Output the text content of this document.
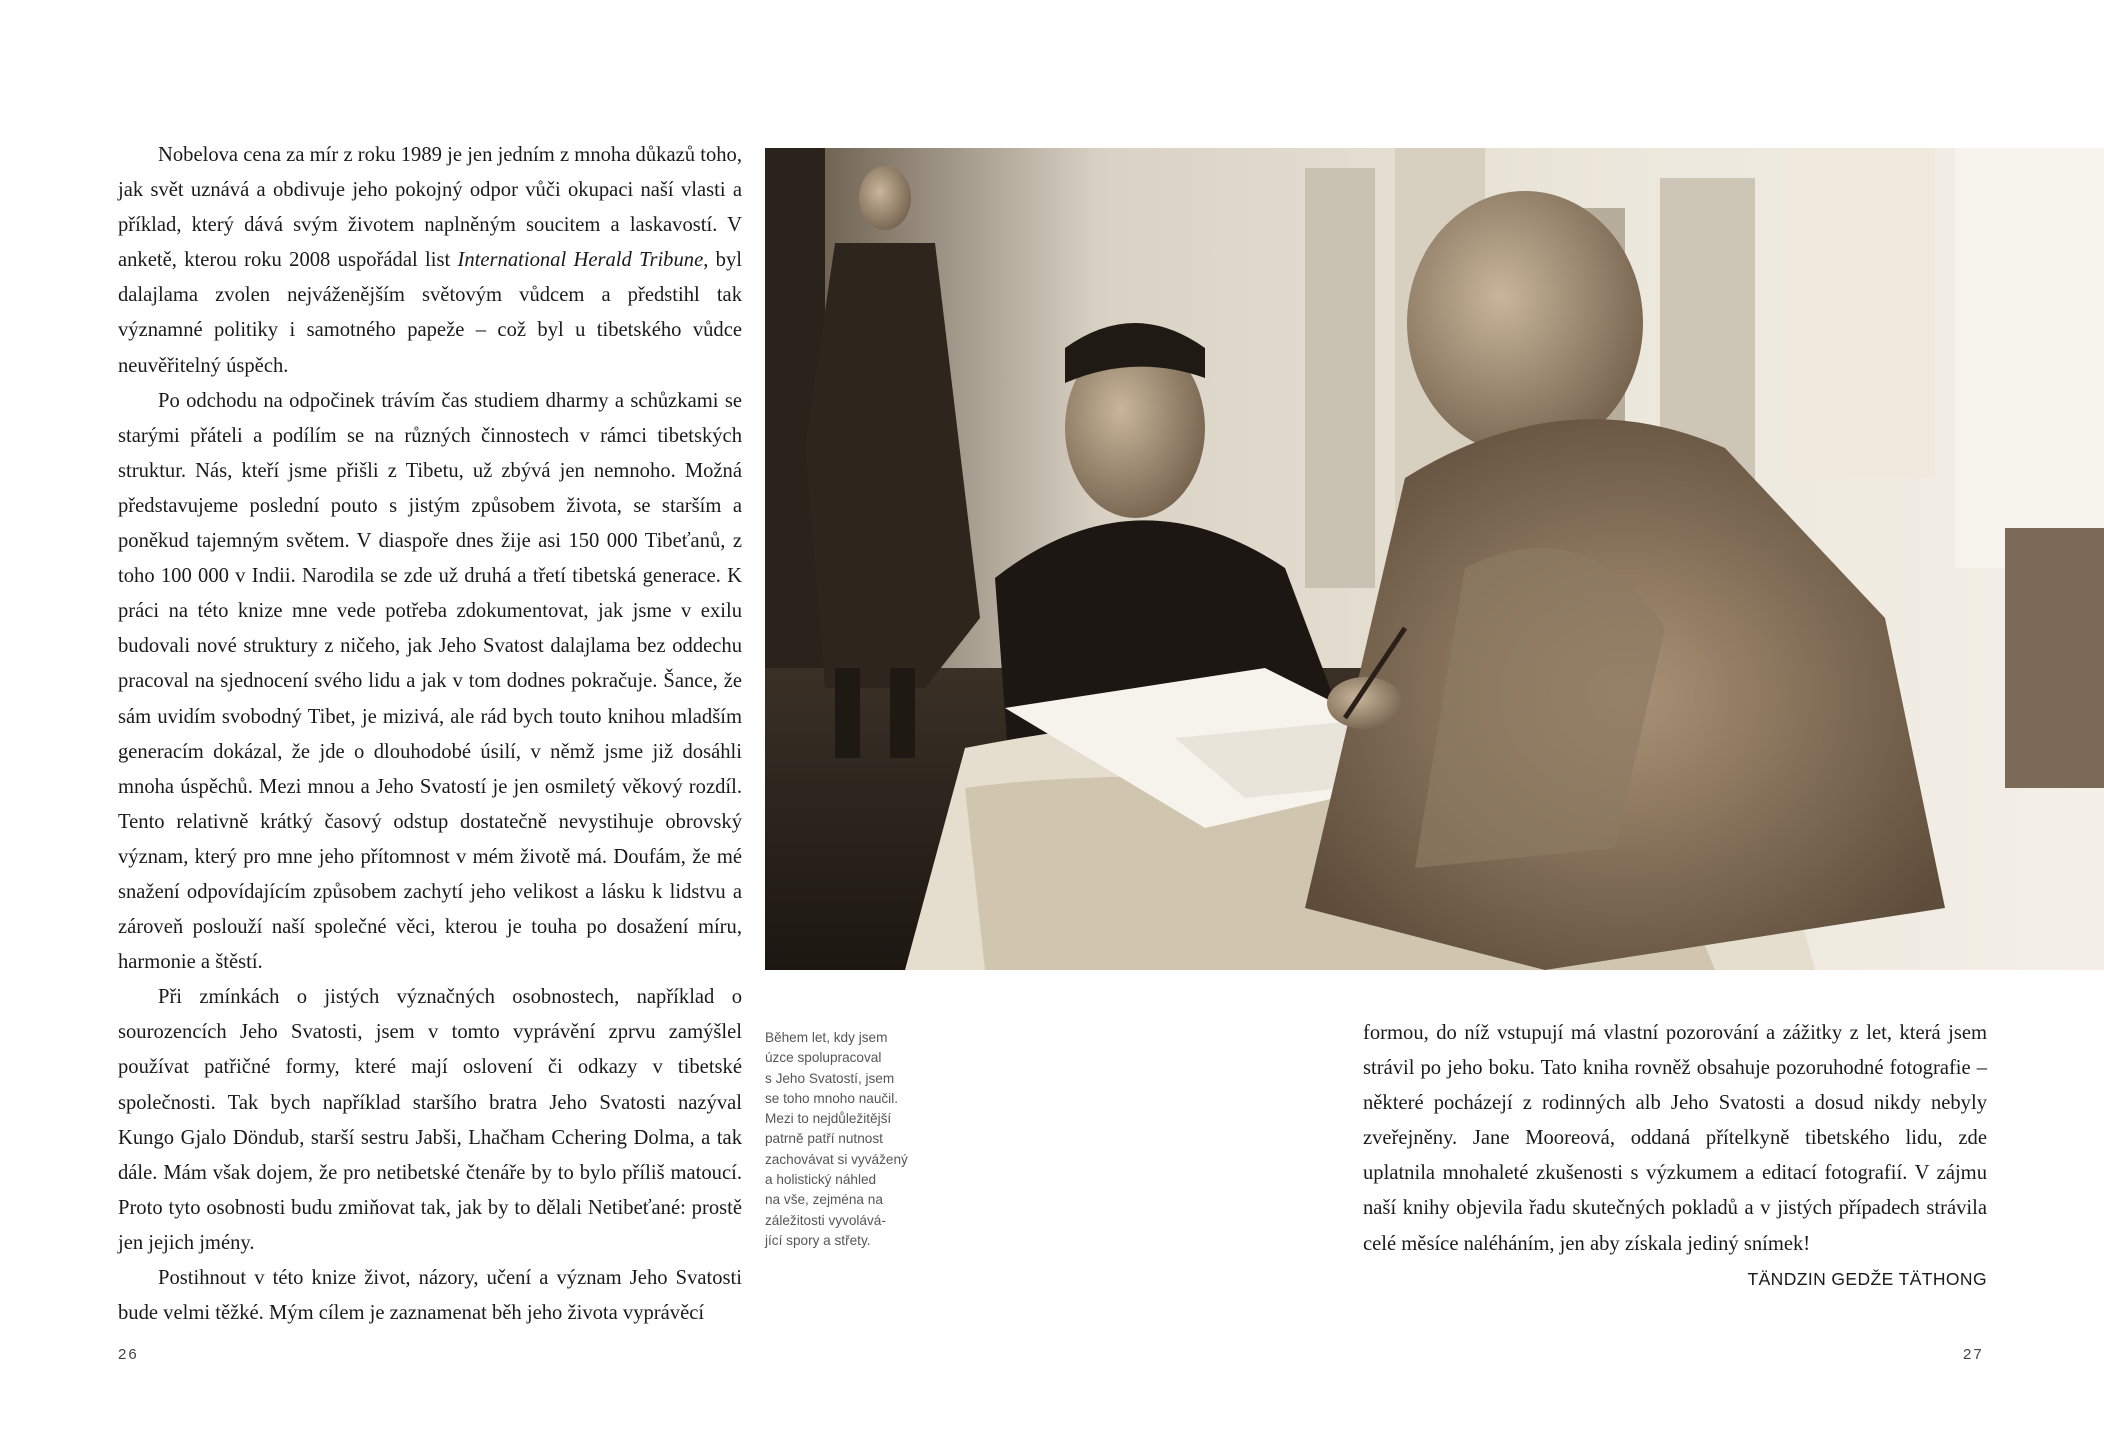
Nobelova cena za mír z roku 1989 je jen jedním z mnoha důkazů toho, jak svět uznává a obdivuje jeho pokojný odpor vůči okupaci naší vlasti a příklad, který dává svým životem naplněným soucitem a laskavostí. V anketě, kterou roku 2008 uspořádal list International Herald Tribune, byl dalajlama zvolen nejváženějším světovým vůdcem a předstihl tak významné politiky i samotného papeže – což byl u tibetského vůdce neuvěřitelný úspěch.

Po odchodu na odpočinek trávím čas studiem dharmy a schůzkami se starými přáteli a podílím se na různých činnostech v rámci tibetských struktur. Nás, kteří jsme přišli z Tibetu, už zbývá jen nemnoho. Možná představujeme poslední pouto s jistým způsobem života, se starším a poněkud tajemným světem. V diaspoře dnes žije asi 150 000 Tibeťanů, z toho 100 000 v Indii. Narodila se zde už druhá a třetí tibetská generace. K práci na této knize mne vede potřeba zdokumentovat, jak jsme v exilu budovali nové struktury z ničeho, jak Jeho Svatost dalajlama bez oddechu pracoval na sjednocení svého lidu a jak v tom dodnes pokračuje. Šance, že sám uvidím svobodný Tibet, je mizivá, ale rád bych touto knihou mladším generacím dokázal, že jde o dlouhodobé úsilí, v němž jsme již dosáhli mnoha úspěchů. Mezi mnou a Jeho Svatostí je jen osmiletý věkový rozdíl. Tento relativně krátký časový odstup dostatečně nevystihuje obrovský význam, který pro mne jeho přítomnost v mém životě má. Doufám, že mé snažení odpovídajícím způsobem zachytí jeho velikost a lásku k lidstvu a zároveň poslouží naší společné věci, kterou je touha po dosažení míru, harmonie a štěstí.

Při zmínkách o jistých význačných osobnostech, například o sourozencích Jeho Svatosti, jsem v tomto vyprávění zprvu zamýšlel používat patřičné formy, které mají oslovení či odkazy v tibetské společnosti. Tak bych například staršího bratra Jeho Svatosti nazýval Kungo Gjalo Döndub, starší sestru Jabši, Lhačham Cchering Dolma, a tak dále. Mám však dojem, že pro netibetské čtenáře by to bylo příliš matoucí. Proto tyto osobnosti budu zmiňovat tak, jak by to dělali Netibeťané: prostě jen jejich jmény.

Postihnout v této knize život, názory, učení a význam Jeho Svatosti bude velmi těžké. Mým cílem je zaznamenat běh jeho života vyprávěcí

Během let, kdy jsem
úzce spolupracoval
s Jeho Svatostí, jsem
se toho mnoho naučil.
Mezi to nejdůležitější
patrně patří nutnost
zachovávat si vyvážený
a holistický náhled
na vše, zejména na
záležitosti vyvolává-
jící spory a střety.

formou, do níž vstupují má vlastní pozorování a zážitky z let, která jsem strávil po jeho boku. Tato kniha rovněž obsahuje pozoruhodné fotografie – některé pocházejí z rodinných alb Jeho Svatosti a dosud nikdy nebyly zveřejněny. Jane Mooreová, oddaná přítelkyně tibetského lidu, zde uplatnila mnohaleté zkušenosti s výzkumem a editací fotografií. V zájmu naší knihy objevila řadu skutečných pokladů a v jistých případech strávila celé měsíce naléháním, jen aby získala jediný snímek!

TÄNDZIN GEDŽE TÄTHONG

26	27
